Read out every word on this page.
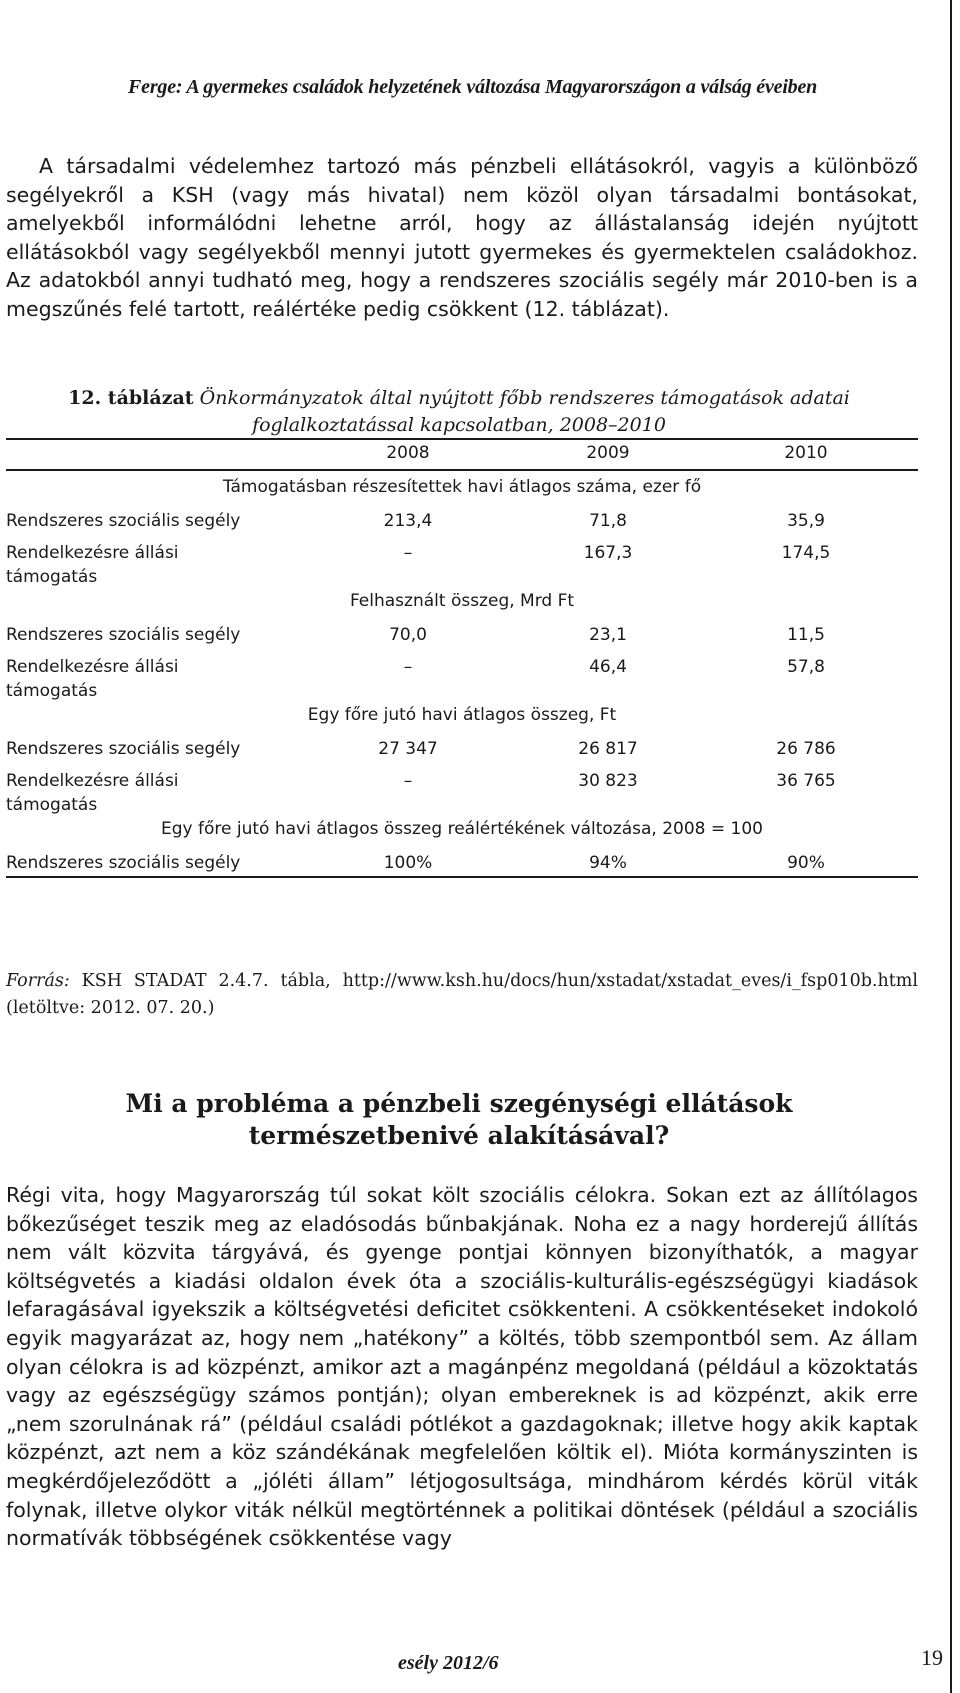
Ferge: A gyermekes családok helyzetének változása Magyarországon a válság éveiben

A társadalmi védelemhez tartozó más pénzbeli ellátásokról, vagyis a különböző segélyekről a KSH (vagy más hivatal) nem közöl olyan társadalmi bontásokat, amelyekből informálódni lehetne arról, hogy az állástalanság idején nyújtott ellátásokból vagy segélyekből mennyi jutott gyermekes és gyermektelen családokhoz. Az adatokból annyi tudható meg, hogy a rendszeres szociális segély már 2010-ben is a megszűnés felé tartott, reálértéke pedig csökkent (12. táblázat).

12. táblázat Önkormányzatok által nyújtott főbb rendszeres támogatások adatai
foglalkoztatással kapcsolatban, 2008–2010
2008	2009	2010
Támogatásban részesítettek havi átlagos száma, ezer fő
Rendszeres szociális segély	213,4	71,8	35,9
Rendelkezésre állási támogatás
–	167,3	174,5
Felhasznált összeg, Mrd Ft
Rendszeres szociális segély	70,0	23,1	11,5
Rendelkezésre állási támogatás
–	46,4	57,8
Egy főre jutó havi átlagos összeg, Ft
Rendszeres szociális segély	27 347	26 817	26 786
Rendelkezésre állási támogatás
–	30 823	36 765
Egy főre jutó havi átlagos összeg reálértékének változása, 2008 = 100
Rendszeres szociális segély	100%	94%	90%
Forrás: KSH STADAT 2.4.7. tábla, http://www.ksh.hu/docs/hun/xstadat/xstadat_eves/i_fsp010b.html (letöltve: 2012. 07. 20.)
Mi a probléma a pénzbeli szegénységi ellátások
természetbenivé alakításával?

Régi vita, hogy Magyarország túl sokat költ szociális célokra. Sokan ezt az állítólagos bőkezűséget teszik meg az eladósodás bűnbakjának. Noha ez a nagy horderejű állítás nem vált közvita tárgyává, és gyenge pontjai könnyen bizonyíthatók, a magyar költségvetés a kiadási oldalon évek óta a szociális-kulturális-egészségügyi kiadások lefaragásával igyekszik a költségvetési deficitet csökkenteni. A csökkentéseket indokoló egyik magyarázat az, hogy nem „hatékony” a költés, több szempontból sem. Az állam olyan célokra is ad közpénzt, amikor azt a magánpénz megoldaná (például a közoktatás vagy az egészségügy számos pontján); olyan embereknek is ad közpénzt, akik erre „nem szorulnának rá” (például családi pótlékot a gazdagoknak; illetve hogy akik kaptak közpénzt, azt nem a köz szándékának megfelelően költik el). Mióta kormányszinten is megkérdőjeleződött a „jóléti állam” létjogosultsága, mindhárom kérdés körül viták folynak, illetve olykor viták nélkül megtörténnek a politikai döntések (például a szociális normatívák többségének csökkentése vagy

esély 2012/6	19
